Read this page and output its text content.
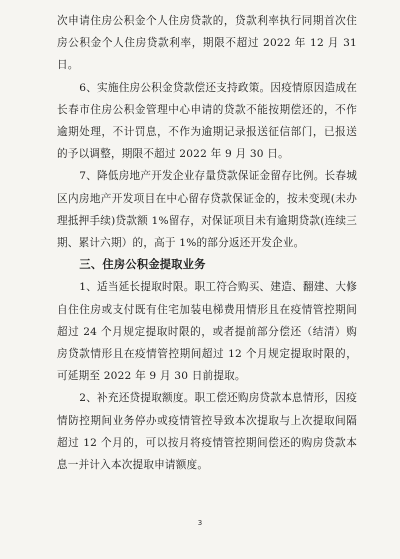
次申请住房公积金个人住房贷款的，贷款利率执行同期首次住房公积金个人住房贷款利率，期限不超过 2022 年 12 月 31 日。

6、实施住房公积金贷款偿还支持政策。因疫情原因造成在长春市住房公积金管理中心申请的贷款不能按期偿还的，不作逾期处理，不计罚息，不作为逾期记录报送征信部门，已报送的予以调整，期限不超过 2022 年 9 月 30 日。

7、降低房地产开发企业存量贷款保证金留存比例。长春城区内房地产开发项目在中心留存贷款保证金的，按未变现(未办理抵押手续)贷款额 1%留存，对保证项目未有逾期贷款(连续三期、累计六期）的，高于 1%的部分返还开发企业。

三、住房公积金提取业务

1、适当延长提取时限。职工符合购买、建造、翻建、大修自住住房或支付既有住宅加装电梯费用情形且在疫情管控期间超过 24 个月规定提取时限的，或者提前部分偿还（结清）购房贷款情形且在疫情管控期间超过 12 个月规定提取时限的，可延期至 2022 年 9 月 30 日前提取。

2、补充还贷提取额度。职工偿还购房贷款本息情形，因疫情防控期间业务停办或疫情管控导致本次提取与上次提取间隔超过 12 个月的，可以按月将疫情管控期间偿还的购房贷款本息一并计入本次提取申请额度。

3
